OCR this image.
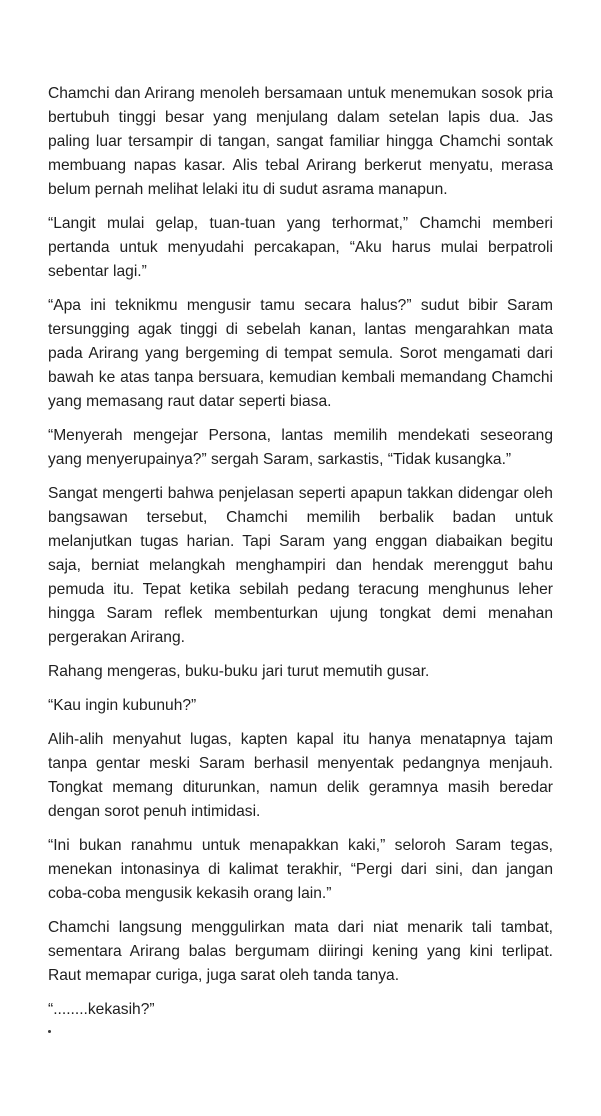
Chamchi dan Arirang menoleh bersamaan untuk menemukan sosok pria bertubuh tinggi besar yang menjulang dalam setelan lapis dua. Jas paling luar tersampir di tangan, sangat familiar hingga Chamchi sontak membuang napas kasar. Alis tebal Arirang berkerut menyatu, merasa belum pernah melihat lelaki itu di sudut asrama manapun.

“Langit mulai gelap, tuan-tuan yang terhormat,” Chamchi memberi pertanda untuk menyudahi percakapan, “Aku harus mulai berpatroli sebentar lagi.”

“Apa ini teknikmu mengusir tamu secara halus?” sudut bibir Saram tersungging agak tinggi di sebelah kanan, lantas mengarahkan mata pada Arirang yang bergeming di tempat semula. Sorot mengamati dari bawah ke atas tanpa bersuara, kemudian kembali memandang Chamchi yang memasang raut datar seperti biasa.

“Menyerah mengejar Persona, lantas memilih mendekati seseorang yang menyerupainya?” sergah Saram, sarkastis, “Tidak kusangka.”

Sangat mengerti bahwa penjelasan seperti apapun takkan didengar oleh bangsawan tersebut, Chamchi memilih berbalik badan untuk melanjutkan tugas harian. Tapi Saram yang enggan diabaikan begitu saja, berniat melangkah menghampiri dan hendak merenggut bahu pemuda itu. Tepat ketika sebilah pedang teracung menghunus leher hingga Saram reflek membenturkan ujung tongkat demi menahan pergerakan Arirang.

Rahang mengeras, buku-buku jari turut memutih gusar.

“Kau ingin kubunuh?”

Alih-alih menyahut lugas, kapten kapal itu hanya menatapnya tajam tanpa gentar meski Saram berhasil menyentak pedangnya menjauh. Tongkat memang diturunkan, namun delik geramnya masih beredar dengan sorot penuh intimidasi.

“Ini bukan ranahmu untuk menapakkan kaki,” seloroh Saram tegas, menekan intonasinya di kalimat terakhir, “Pergi dari sini, dan jangan coba-coba mengusik kekasih orang lain.”

Chamchi langsung menggulirkan mata dari niat menarik tali tambat, sementara Arirang balas bergumam diiringi kening yang kini terlipat. Raut memapar curiga, juga sarat oleh tanda tanya.

“........kekasih?”
